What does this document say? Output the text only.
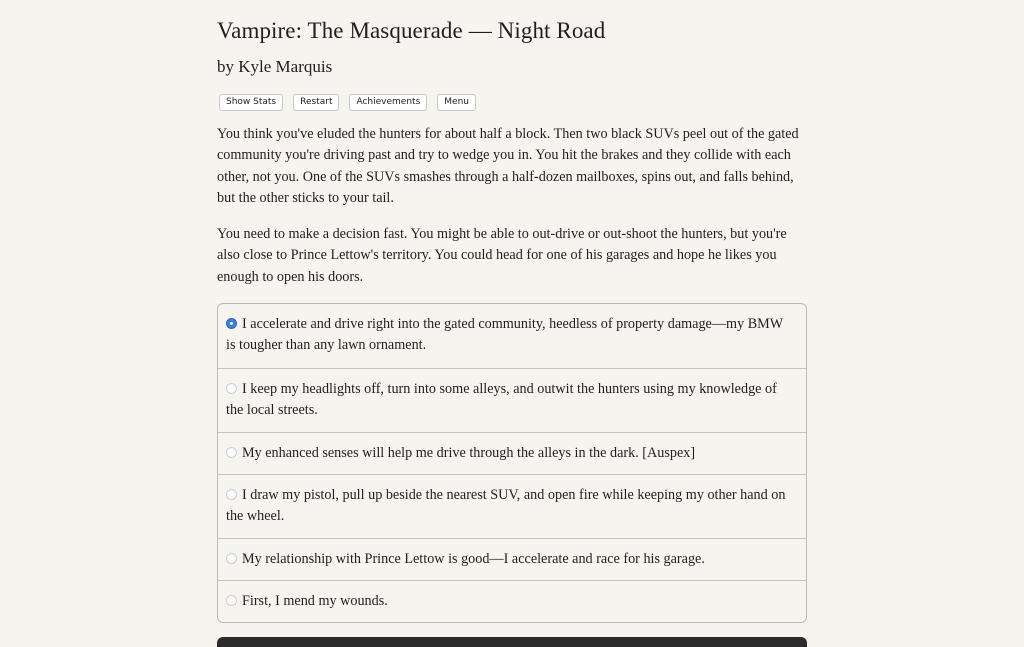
Vampire: The Masquerade — Night Road
by Kyle Marquis
Show Stats	Restart	Achievements	Menu
You think you've eluded the hunters for about half a block. Then two black SUVs peel out of the gated community you're driving past and try to wedge you in. You hit the brakes and they collide with each other, not you. One of the SUVs smashes through a half-dozen mailboxes, spins out, and falls behind, but the other sticks to your tail.
You need to make a decision fast. You might be able to out-drive or out-shoot the hunters, but you're also close to Prince Lettow's territory. You could head for one of his garages and hope he likes you enough to open his doors.
I accelerate and drive right into the gated community, heedless of property damage—my BMW is tougher than any lawn ornament.
I keep my headlights off, turn into some alleys, and outwit the hunters using my knowledge of the local streets.
My enhanced senses will help me drive through the alleys in the dark. [Auspex]
I draw my pistol, pull up beside the nearest SUV, and open fire while keeping my other hand on the wheel.
My relationship with Prince Lettow is good—I accelerate and race for his garage.
First, I mend my wounds.
